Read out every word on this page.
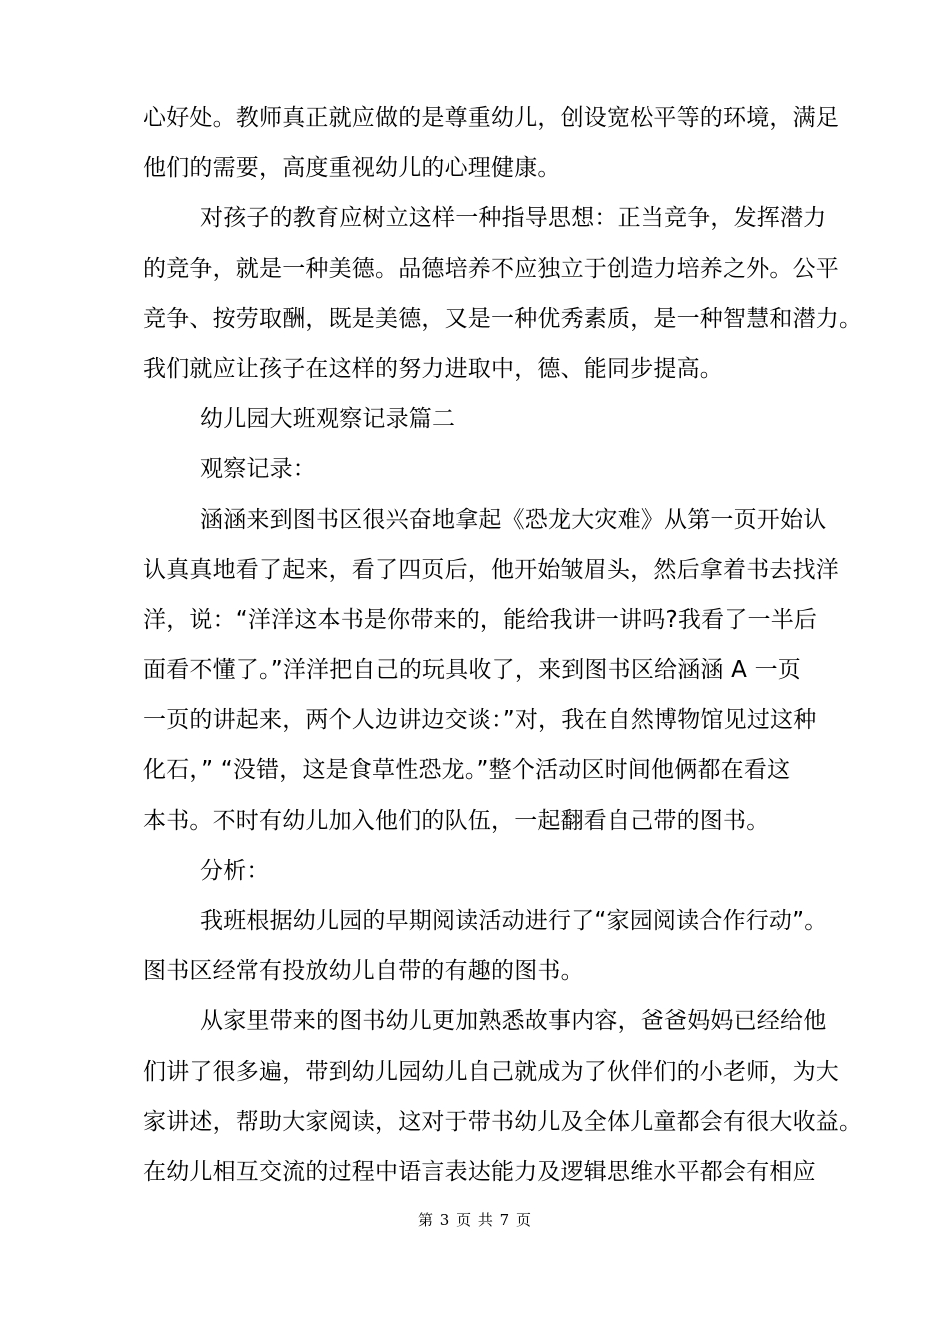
心好处。教师真正就应做的是尊重幼儿，创设宽松平等的环境，满足
他们的需要，高度重视幼儿的心理健康。
对孩子的教育应树立这样一种指导思想：正当竞争，发挥潜力
的竞争，就是一种美德。品德培养不应独立于创造力培养之外。公平
竞争、按劳取酬，既是美德，又是一种优秀素质，是一种智慧和潜力。
我们就应让孩子在这样的努力进取中，德、能同步提高。
幼儿园大班观察记录篇二
观察记录：
涵涵来到图书区很兴奋地拿起《恐龙大灾难》从第一页开始认
认真真地看了起来，看了四页后，他开始皱眉头，然后拿着书去找洋
洋，说：“洋洋这本书是你带来的，能给我讲一讲吗?我看了一半后
面看不懂了。”洋洋把自己的玩具收了，来到图书区给涵涵 A 一页
一页的讲起来，两个人边讲边交谈：”对，我在自然博物馆见过这种
化石，” “没错，这是食草性恐龙。”整个活动区时间他俩都在看这
本书。不时有幼儿加入他们的队伍，一起翻看自己带的图书。
分析：
我班根据幼儿园的早期阅读活动进行了“家园阅读合作行动”。
图书区经常有投放幼儿自带的有趣的图书。
从家里带来的图书幼儿更加熟悉故事内容，爸爸妈妈已经给他
们讲了很多遍，带到幼儿园幼儿自己就成为了伙伴们的小老师，为大
家讲述，帮助大家阅读，这对于带书幼儿及全体儿童都会有很大收益。
在幼儿相互交流的过程中语言表达能力及逻辑思维水平都会有相应
第 3 页 共 7 页
